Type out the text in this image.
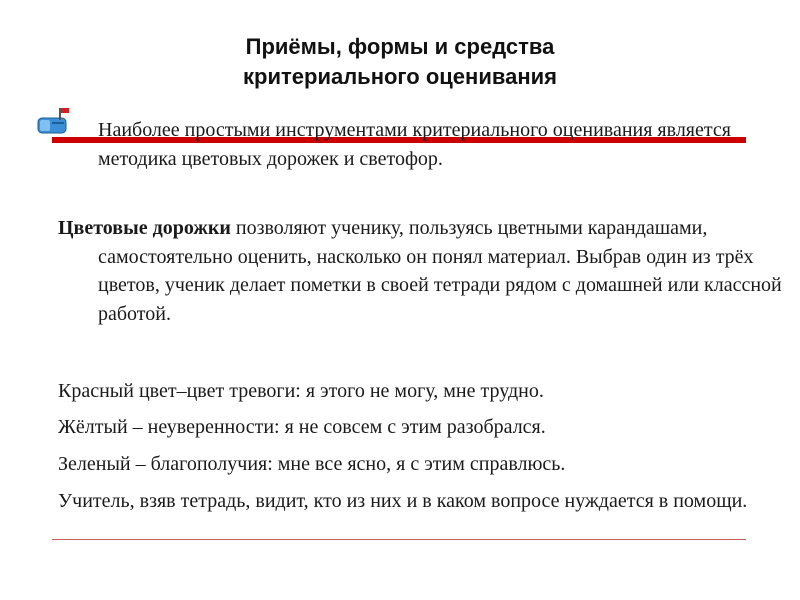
Приёмы, формы и средства
критериального оценивания
Наиболее простыми инструментами критериального оценивания является методика цветовых дорожек и светофор.
Цветовые дорожки позволяют ученику, пользуясь цветными карандашами, самостоятельно оценить, насколько он понял материал. Выбрав один из трёх цветов, ученик делает пометки в своей тетради рядом с домашней или классной работой.
Красный цвет–цвет тревоги: я этого не могу, мне трудно.
Жёлтый – неуверенности: я не совсем с этим разобрался.
Зеленый – благополучия: мне все ясно, я с этим справлюсь.
Учитель, взяв тетрадь, видит, кто из них и в каком вопросе нуждается в помощи.
